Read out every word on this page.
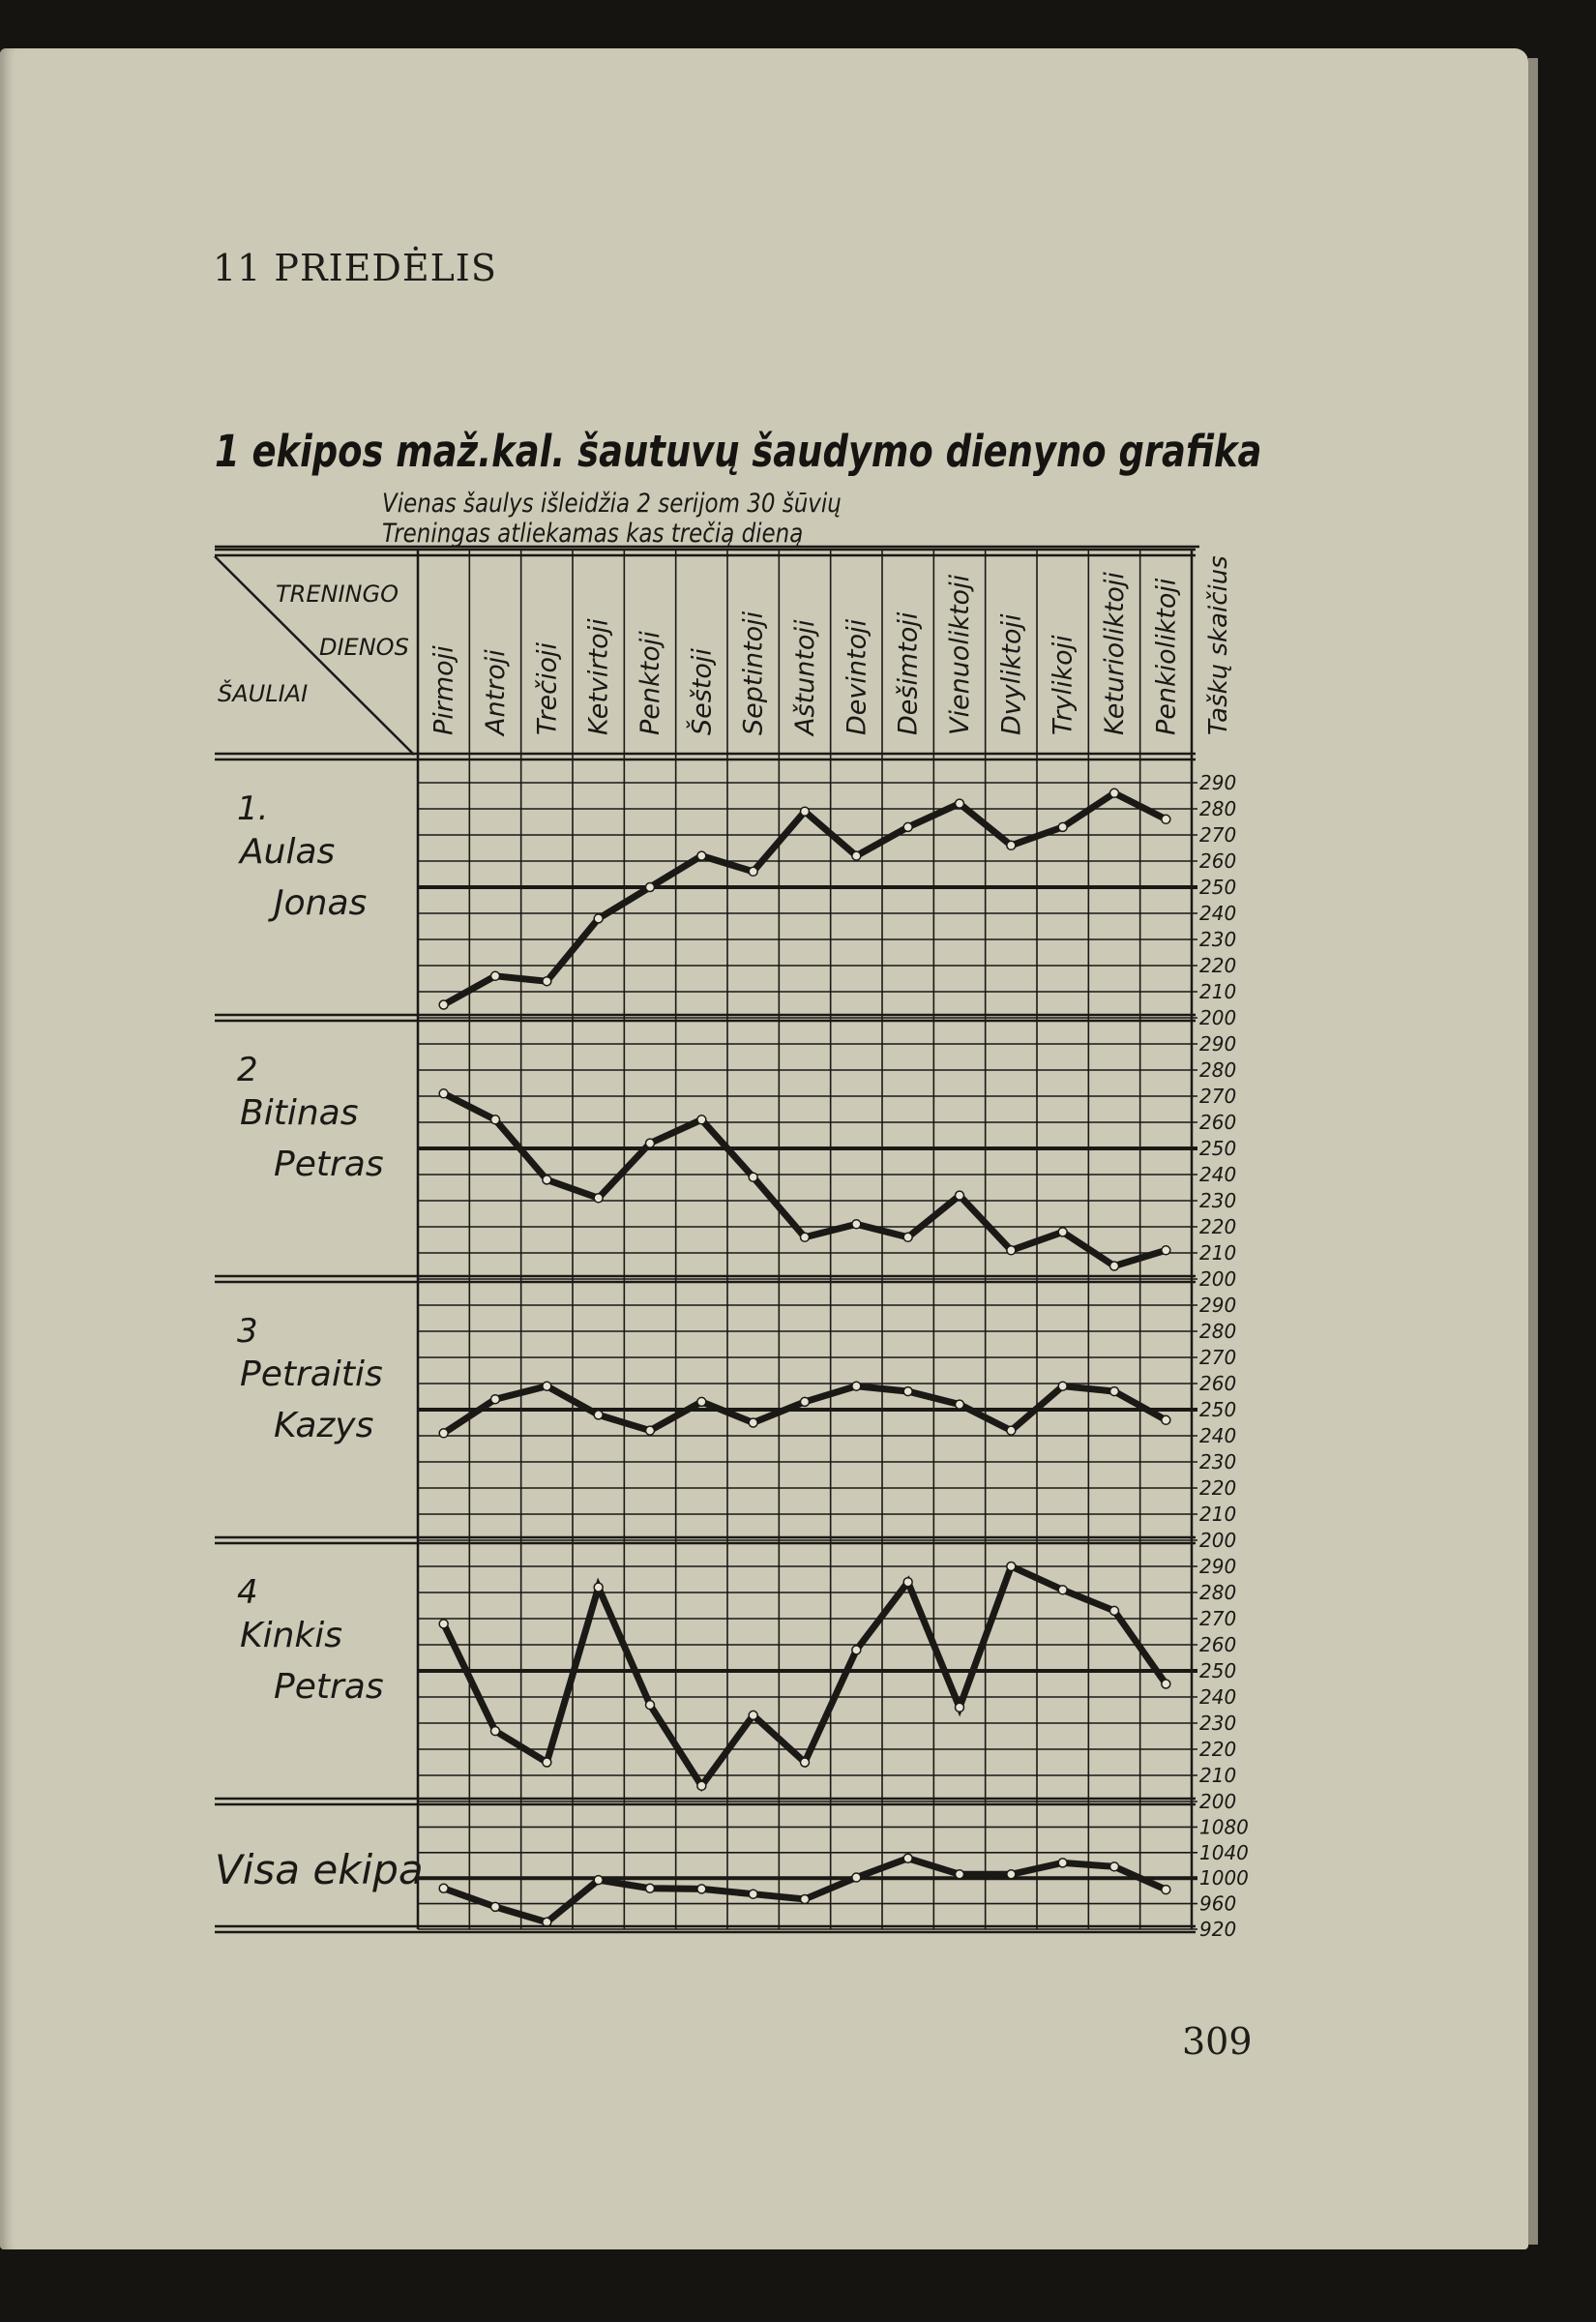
11 PRIEDĖLIS
1 ekipos maž.kal. šautuvų šaudymo dienyno grafika
Vienas šaulys išleidžia 2 serijom 30 šūvių
Treningas atliekamas kas trečią dieną
TRENINGO
DIENOS
ŠAULIAI	Pirmoji Antroji Trečioji Ketvirtoji Penktoji Šeštoji Septintoji Aštuntoji Devintoji Dešimtoji Vienuoliktoji Dvyliktoji Trylikoji Keturioliktoji Penkioliktoji Taškų skaičius
290
280
270
260
250
240
230
220
210
200
1.
Aulas
Jonas
290
280
270
260
250
240
230
220
210
200
2
Bitinas
Petras
290
280
270
260
250
240
230
220
210
200
3
Petraitis
Kazys
290
280
270
260
250
240
230
220
210
200
4
Kinkis
Petras
1080
1040
1000
960
920
Visa ekipa
309
